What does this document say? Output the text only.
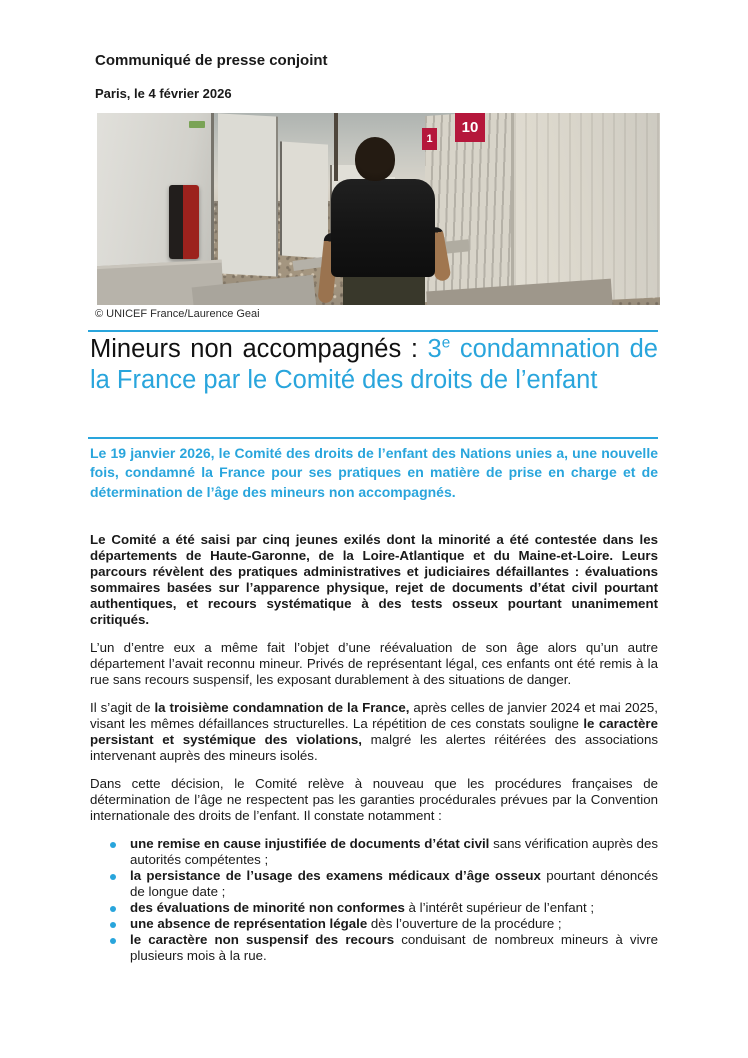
Communiqué de presse conjoint
Paris, le 4 février 2026
1
10
© UNICEF France/Laurence Geai
Mineurs non accompagnés : 3e condamnation de la France par le Comité des droits de l’enfant

Le 19 janvier 2026, le Comité des droits de l’enfant des Nations unies a, une nouvelle fois, condamné la France pour ses pratiques en matière de prise en charge et de détermination de l’âge des mineurs non accompagnés.

Le Comité a été saisi par cinq jeunes exilés dont la minorité a été contestée dans les départements de Haute-Garonne, de la Loire-Atlantique et du Maine-et-Loire. Leurs parcours révèlent des pratiques administratives et judiciaires défaillantes : évaluations sommaires basées sur l’apparence physique, rejet de documents d’état civil pourtant authentiques, et recours systématique à des tests osseux pourtant unanimement critiqués.

L’un d’entre eux a même fait l’objet d’une réévaluation de son âge alors qu’un autre département l’avait reconnu mineur. Privés de représentant légal, ces enfants ont été remis à la rue sans recours suspensif, les exposant durablement à des situations de danger.

Il s’agit de la troisième condamnation de la France, après celles de janvier 2024 et mai 2025, visant les mêmes défaillances structurelles. La répétition de ces constats souligne le caractère persistant et systémique des violations, malgré les alertes réitérées des associations intervenant auprès des mineurs isolés.

Dans cette décision, le Comité relève à nouveau que les procédures françaises de détermination de l’âge ne respectent pas les garanties procédurales prévues par la Convention internationale des droits de l’enfant. Il constate notamment :

une remise en cause injustifiée de documents d’état civil sans vérification auprès des autorités compétentes ;
la persistance de l’usage des examens médicaux d’âge osseux pourtant dénoncés de longue date ;
des évaluations de minorité non conformes à l’intérêt supérieur de l’enfant ;
une absence de représentation légale dès l’ouverture de la procédure ;
le caractère non suspensif des recours conduisant de nombreux mineurs à vivre plusieurs mois à la rue.
